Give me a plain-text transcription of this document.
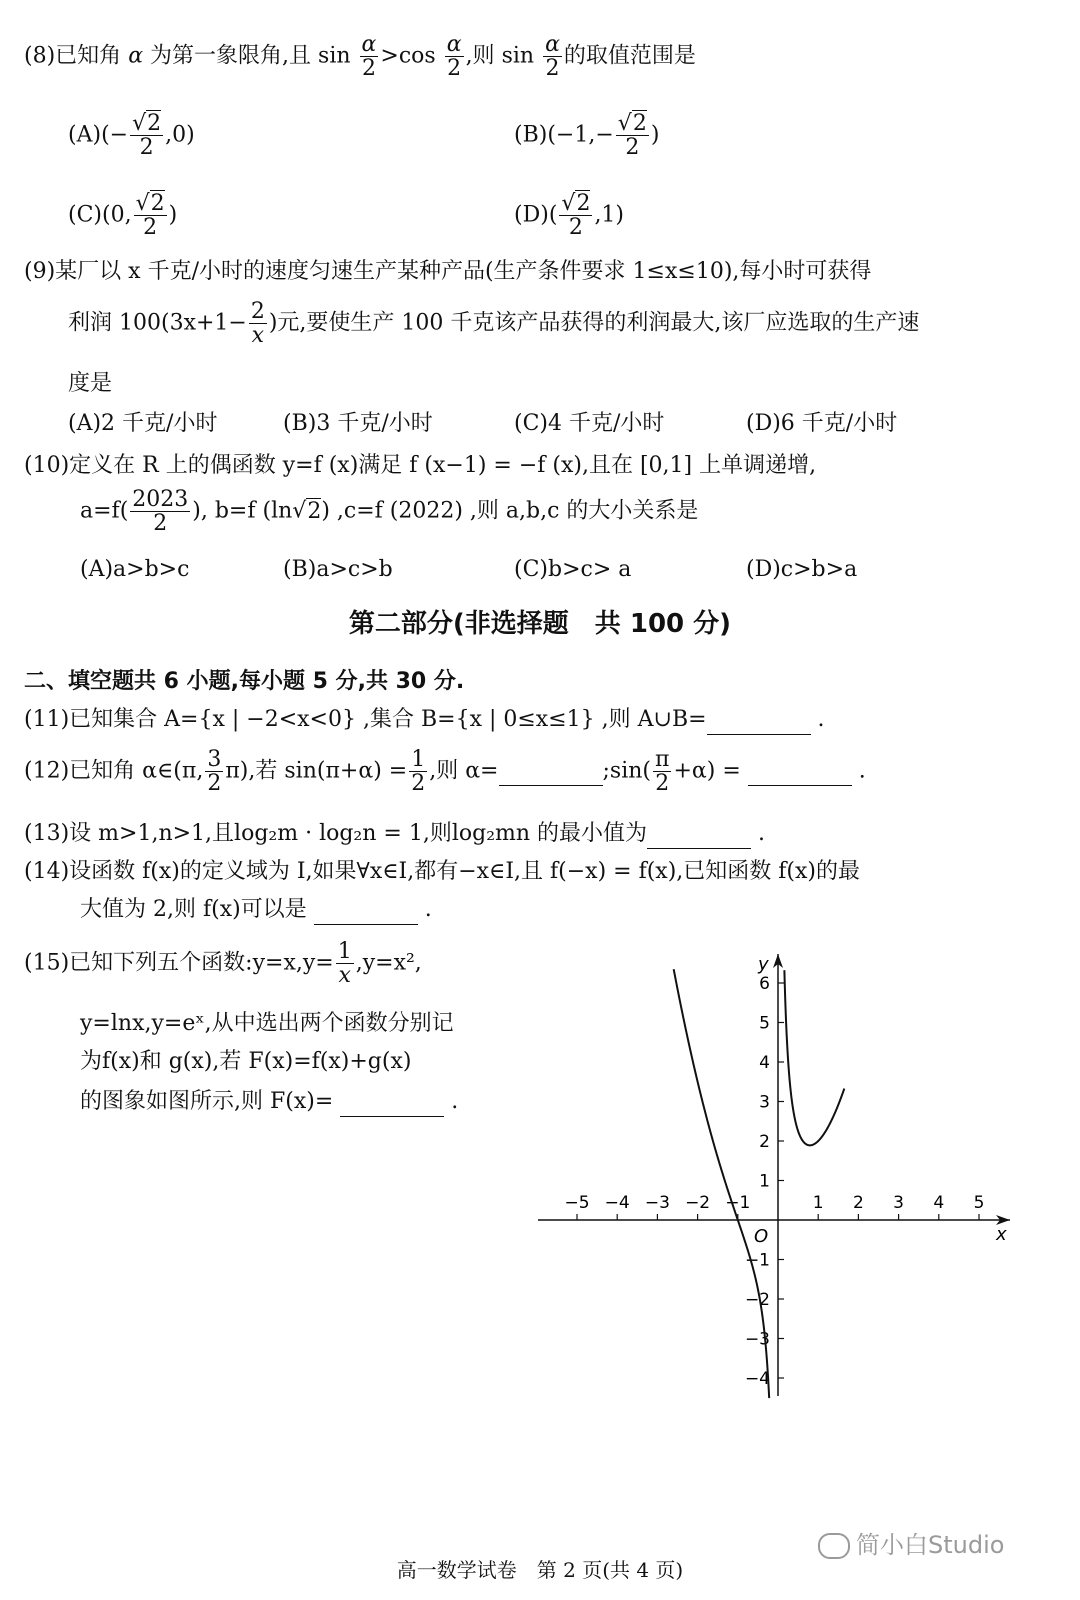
(8)已知角 α 为第一象限角,且 $\sin \frac{\alpha}{2} >\cos \frac{\alpha}{2}$ ,则 $\sin \frac{\alpha}{2}$ 的取值范围是
$(A)(- \frac{√2}{2} ,0)$	$(B)(-1,- \frac{√2}{2}$ )
(C)(0, $\frac{√2}{2}$ )	$(D)( \frac{√2}{2} ,1)$
(9)某厂以 x 千克/小时的速度匀速生产某种产品(生产条件要求 1≤x≤10),每小时可获得
利润 $100(3x+1- \frac{2}{x}$ )元,要使生产 100 千克该产品获得的利润最大,该厂应选取的生产速
度是
(A)2 千克/小时	(B)3 千克/小时	(C)4 千克/小时	(D)6 千克/小时
(10)定义在 R 上的偶函数 y=f (x)满足 f (x−1) = −f (x),且在 [0,1] 上单调递增,
$a=f( \frac{2023}{2}$ ), b=f (ln√2) ,c=f (2022) ,则 a,b,c 的大小关系是
(A)a>b>c	(B)a>c>b	(C)b>c> a	(D)c>b>a
第二部分(非选择题　共 100 分)
二、填空题共 6 小题,每小题 5 分,共 30 分.
(11)已知集合 A={x | −2<x<0} ,集合 B={x | 0≤x≤1} ,则 A∪B=	.
(12)已知角 α∈(π, $\frac{3}{2} \pi$),若 $\sin(\pi+\alpha) = \frac{1}{2}$ ,则 α=	;sin( $\frac{\pi}{2} +\alpha$) =	.
(13)设 m>1,n>1,且log₂m · log₂n = 1,则log₂mn 的最小值为	.
(14)设函数 f(x)的定义域为 I,如果∀x∈I,都有−x∈I,且 f(−x) = f(x),已知函数 f(x)的最
大值为 2,则 f(x)可以是	.
(15)已知下列五个函数:y=x,y= $\frac{1}{x} ,y=x^2$,
y=lnx,y=eˣ,从中选出两个函数分别记
为f(x)和 g(x),若 F(x)=f(x)+g(x)
的图象如图所示,则 F(x)=	.
x
y
O
−5 −4 −3 −2 −1	1 2 3 4 5
6
5
4
3
2
1
−1
−2
−3
−4
高一数学试卷　第 2 页(共 4 页)
简小白Studio
